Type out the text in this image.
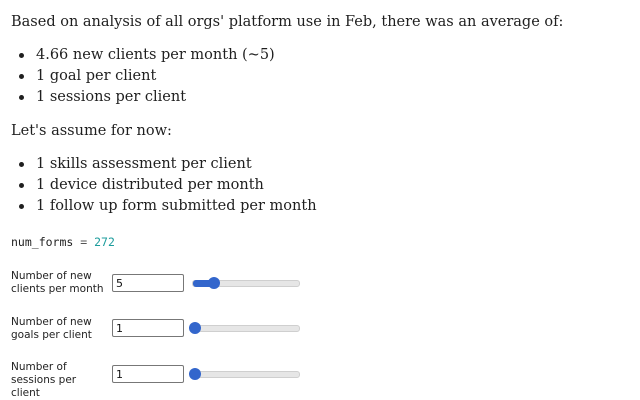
Based on analysis of all orgs' platform use in Feb, there was an average of:

4.66 new clients per month (~5)
1 goal per client
1 sessions per client

Let's assume for now:

1 skills assessment per client
1 device distributed per month
1 follow up form submitted per month
num_forms = 272
Number of new clients per month
5
Number of new goals per client
1
Number of sessions per client
1
